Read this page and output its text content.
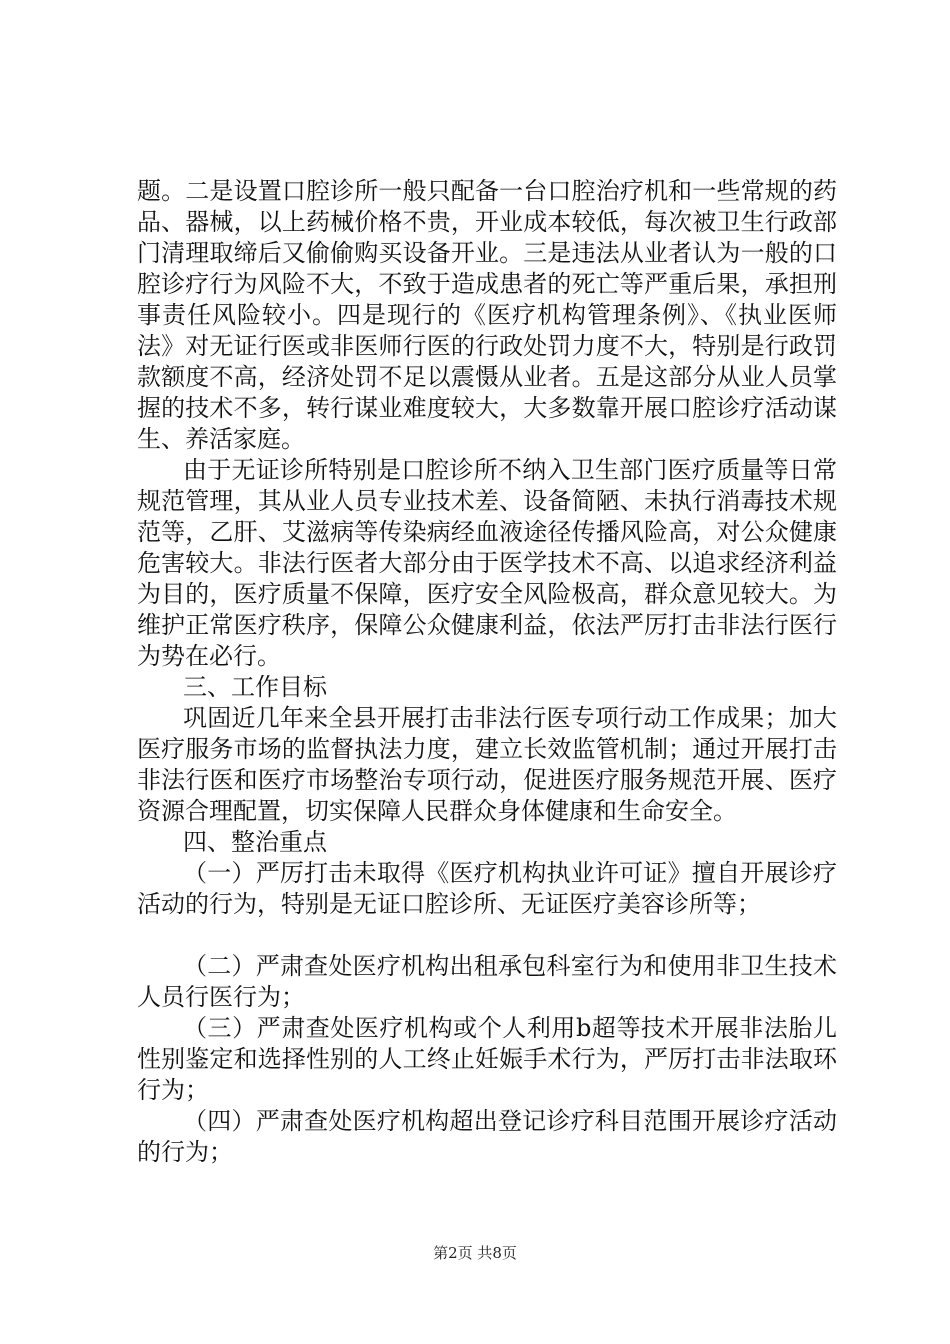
题。二是设置口腔诊所一般只配备一台口腔治疗机和一些常规的药品、器械，以上药械价格不贵，开业成本较低，每次被卫生行政部门清理取缔后又偷偷购买设备开业。三是违法从业者认为一般的口腔诊疗行为风险不大，不致于造成患者的死亡等严重后果，承担刑事责任风险较小。四是现行的《医疗机构管理条例》、《执业医师法》对无证行医或非医师行医的行政处罚力度不大，特别是行政罚款额度不高，经济处罚不足以震慑从业者。五是这部分从业人员掌握的技术不多，转行谋业难度较大，大多数靠开展口腔诊疗活动谋生、养活家庭。

由于无证诊所特别是口腔诊所不纳入卫生部门医疗质量等日常规范管理，其从业人员专业技术差、设备简陋、未执行消毒技术规范等，乙肝、艾滋病等传染病经血液途径传播风险高，对公众健康危害较大。非法行医者大部分由于医学技术不高、以追求经济利益为目的，医疗质量不保障，医疗安全风险极高，群众意见较大。为维护正常医疗秩序，保障公众健康利益，依法严厉打击非法行医行为势在必行。

三、工作目标

巩固近几年来全县开展打击非法行医专项行动工作成果；加大医疗服务市场的监督执法力度，建立长效监管机制；通过开展打击非法行医和医疗市场整治专项行动，促进医疗服务规范开展、医疗资源合理配置，切实保障人民群众身体健康和生命安全。

四、整治重点

（一）严厉打击未取得《医疗机构执业许可证》擅自开展诊疗活动的行为，特别是无证口腔诊所、无证医疗美容诊所等；

（二）严肃查处医疗机构出租承包科室行为和使用非卫生技术人员行医行为；

（三）严肃查处医疗机构或个人利用b超等技术开展非法胎儿性别鉴定和选择性别的人工终止妊娠手术行为，严厉打击非法取环行为；

（四）严肃查处医疗机构超出登记诊疗科目范围开展诊疗活动的行为；

第2页 共8页
